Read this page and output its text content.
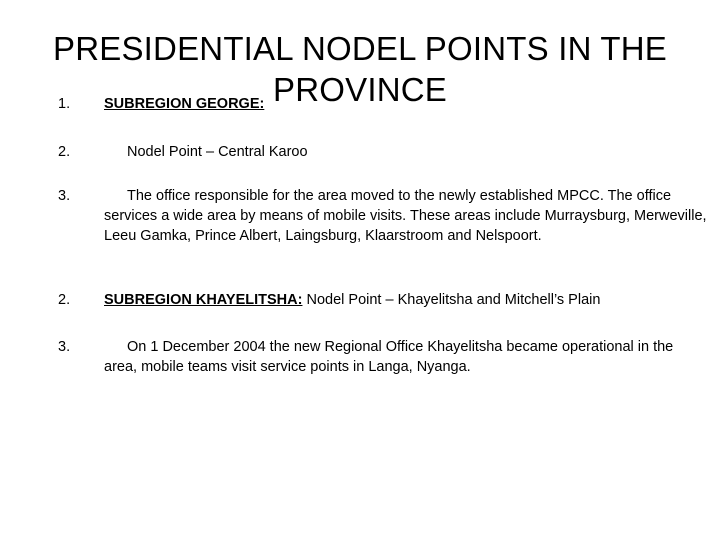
PRESIDENTIAL NODEL POINTS IN THE
PROVINCE
1. SUBREGION GEORGE:
2.	Nodel Point – Central Karoo
3.	The office responsible for the area moved to the newly established MPCC. The office services a wide area by means of mobile visits. These areas include Murraysburg, Merweville, Leeu Gamka, Prince Albert, Laingsburg, Klaarstroom and Nelspoort.
2. SUBREGION KHAYELITSHA: Nodel Point – Khayelitsha and Mitchell’s Plain
3.	On 1 December 2004 the new Regional Office Khayelitsha became operational in the area, mobile teams visit service points in Langa, Nyanga.
